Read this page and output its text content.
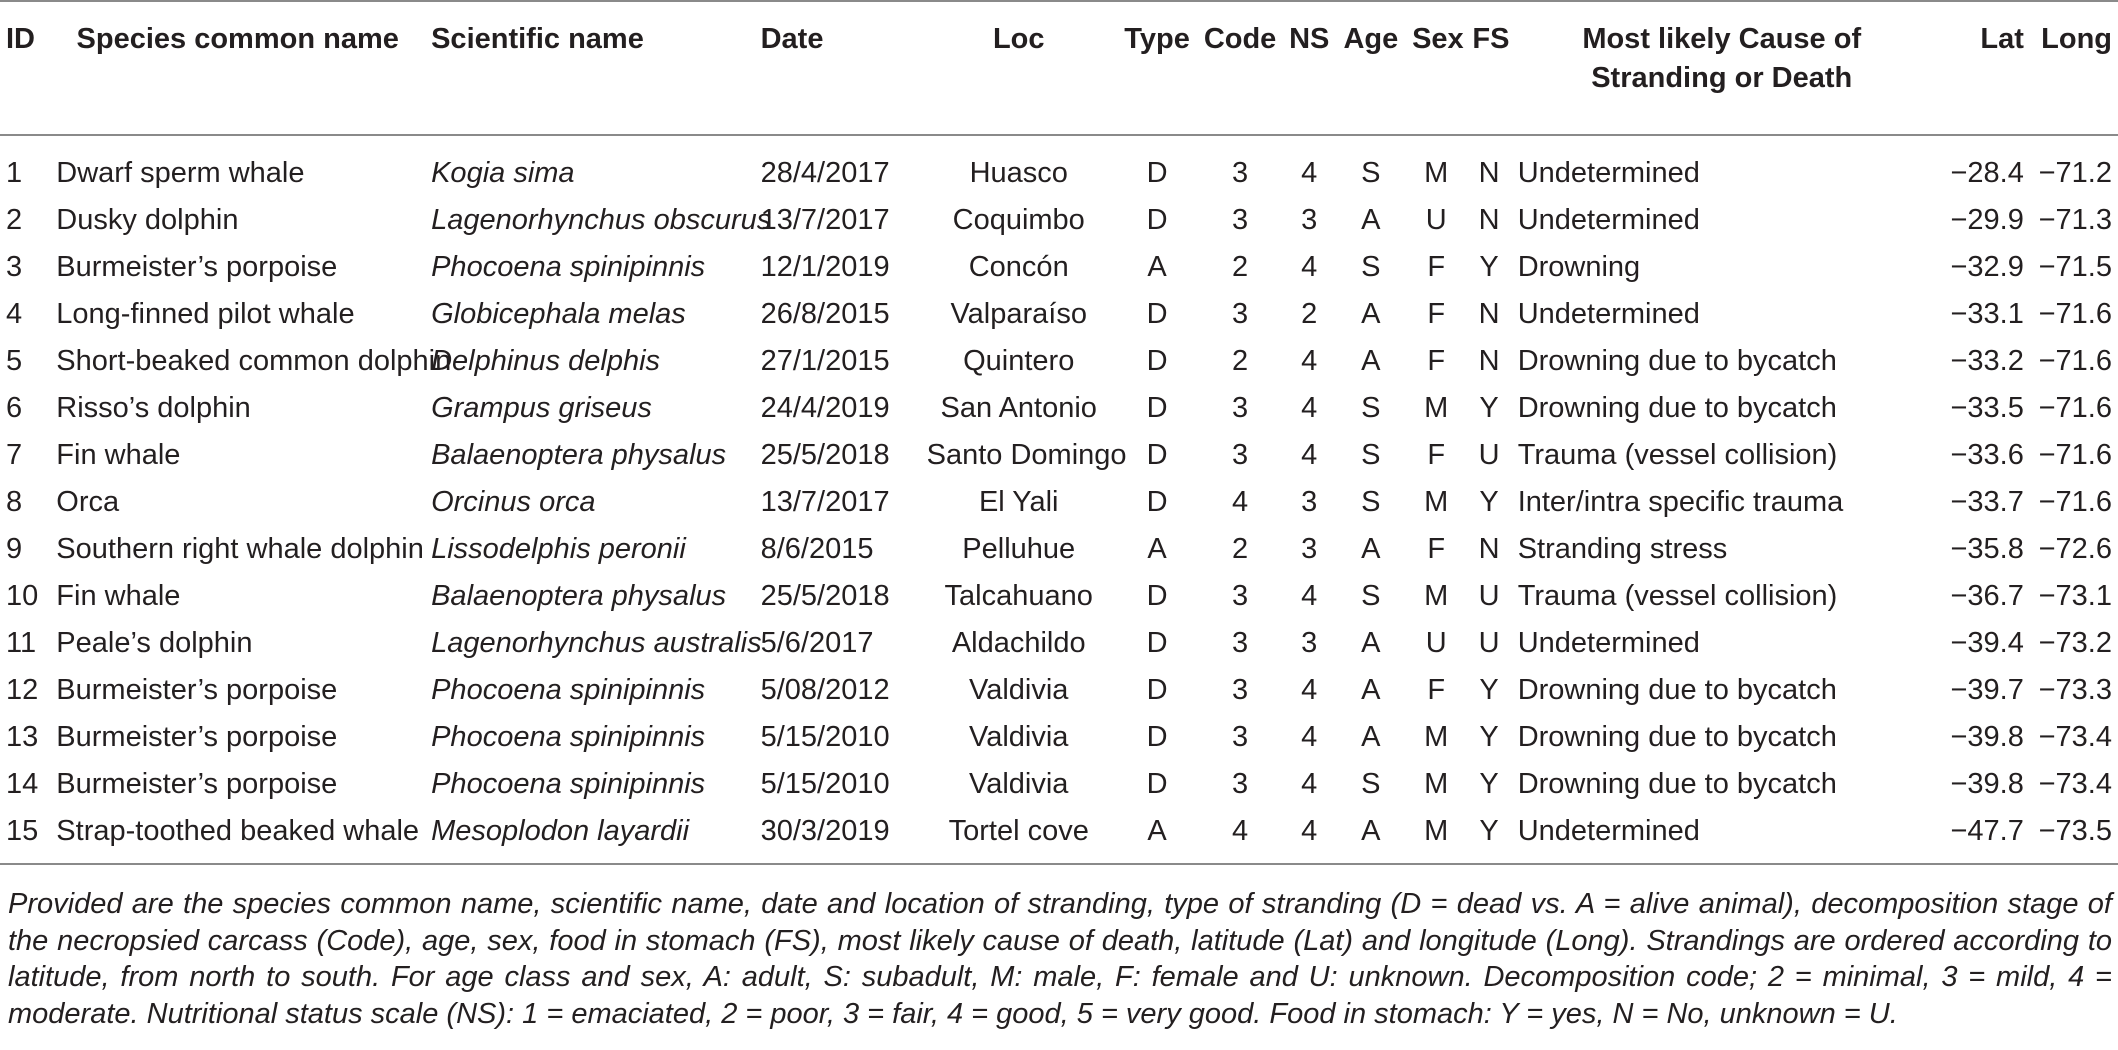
ID	Species common name	Scientific name	Date	Loc	Type	Code	NS	Age	Sex	FS	Most likely Cause of Stranding or Death	Lat	Long
1	Dwarf sperm whale	Kogia sima	28/4/2017	Huasco	D	3	4	S	M	N	Undetermined	−28.4	−71.2
2	Dusky dolphin	Lagenorhynchus obscurus	13/7/2017	Coquimbo	D	3	3	A	U	N	Undetermined	−29.9	−71.3
3	Burmeister’s porpoise	Phocoena spinipinnis	12/1/2019	Concón	A	2	4	S	F	Y	Drowning	−32.9	−71.5
4	Long-finned pilot whale	Globicephala melas	26/8/2015	Valparaíso	D	3	2	A	F	N	Undetermined	−33.1	−71.6
5	Short-beaked common dolphin	Delphinus delphis	27/1/2015	Quintero	D	2	4	A	F	N	Drowning due to bycatch	−33.2	−71.6
6	Risso’s dolphin	Grampus griseus	24/4/2019	San Antonio	D	3	4	S	M	Y	Drowning due to bycatch	−33.5	−71.6
7	Fin whale	Balaenoptera physalus	25/5/2018	Santo Domingo	D	3	4	S	F	U	Trauma (vessel collision)	−33.6	−71.6
8	Orca	Orcinus orca	13/7/2017	El Yali	D	4	3	S	M	Y	Inter/intra specific trauma	−33.7	−71.6
9	Southern right whale dolphin	Lissodelphis peronii	8/6/2015	Pelluhue	A	2	3	A	F	N	Stranding stress	−35.8	−72.6
10	Fin whale	Balaenoptera physalus	25/5/2018	Talcahuano	D	3	4	S	M	U	Trauma (vessel collision)	−36.7	−73.1
11	Peale’s dolphin	Lagenorhynchus australis	5/6/2017	Aldachildo	D	3	3	A	U	U	Undetermined	−39.4	−73.2
12	Burmeister’s porpoise	Phocoena spinipinnis	5/08/2012	Valdivia	D	3	4	A	F	Y	Drowning due to bycatch	−39.7	−73.3
13	Burmeister’s porpoise	Phocoena spinipinnis	5/15/2010	Valdivia	D	3	4	A	M	Y	Drowning due to bycatch	−39.8	−73.4
14	Burmeister’s porpoise	Phocoena spinipinnis	5/15/2010	Valdivia	D	3	4	S	M	Y	Drowning due to bycatch	−39.8	−73.4
15	Strap-toothed beaked whale	Mesoplodon layardii	30/3/2019	Tortel cove	A	4	4	A	M	Y	Undetermined	−47.7	−73.5

Provided are the species common name, scientific name, date and location of stranding, type of stranding (D = dead vs. A = alive animal), decomposition stage of the necropsied carcass (Code), age, sex, food in stomach (FS), most likely cause of death, latitude (Lat) and longitude (Long). Strandings are ordered according to latitude, from north to south. For age class and sex, A: adult, S: subadult, M: male, F: female and U: unknown. Decomposition code; 2 = minimal, 3 = mild, 4 = moderate. Nutritional status scale (NS): 1 = emaciated, 2 = poor, 3 = fair, 4 = good, 5 = very good. Food in stomach: Y = yes, N = No, unknown = U.
